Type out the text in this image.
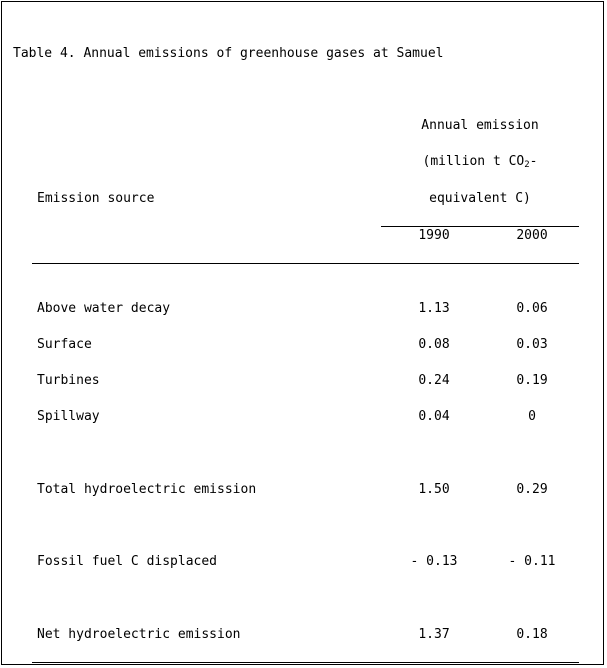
Table 4. Annual emissions of greenhouse gases at Samuel
Annual emission
(million t $CO_2-$
equivalent C)
Emission source
1990	2000
Above water decay	1.13	0.06
Surface	0.08	0.03
Turbines	0.24	0.19
Spillway	0.04	0
Total hydroelectric emission	1.50	0.29
Fossil fuel C displaced	- 0.13	- 0.11
Net hydroelectric emission	1.37	0.18
